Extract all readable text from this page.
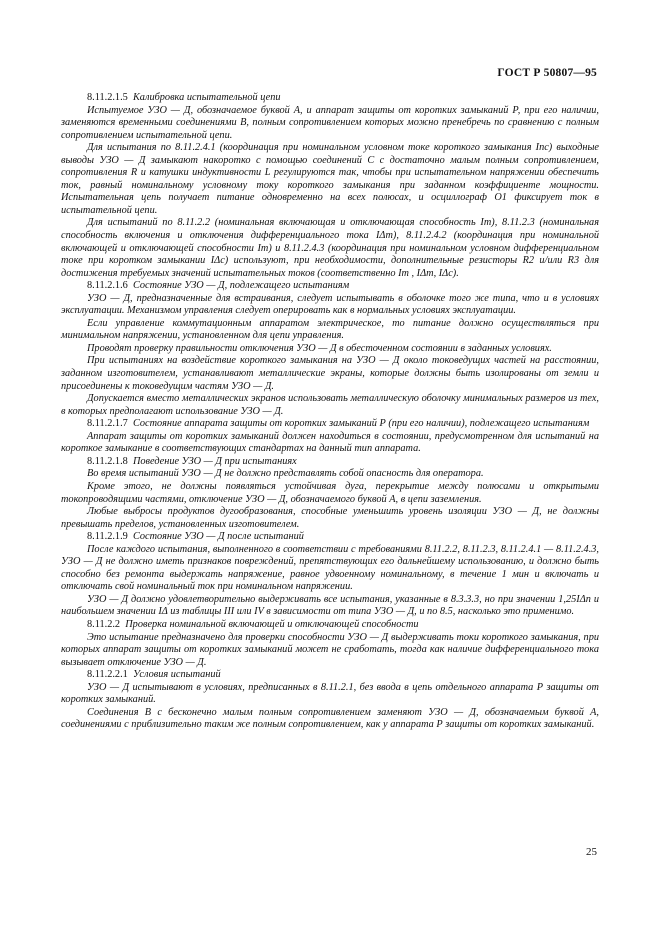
ГОСТ Р 50807—95

8.11.2.1.5 Калибровка испытательной цепи

Испытуемое УЗО — Д, обозначаемое буквой А, и аппарат защиты от коротких замыканий Р, при его наличии, заменяются временными соединениями В, полным сопротивлением которых можно пренебречь по сравнению с полным сопротивлением испытательной цепи.

Для испытания по 8.11.2.4.1 (координация при номинальном условном токе короткого замыкания Inc) выходные выводы УЗО — Д замыкают накоротко с помощью соединений С с достаточно малым полным сопротивлением, сопротивления R и катушки индуктивности L регулируются так, чтобы при испытательном напряжении обеспечить ток, равный номинальному условному току короткого замыкания при заданном коэффициенте мощности. Испытательная цепь получает питание одновременно на всех полюсах, и осциллограф O1 фиксирует ток в испытательной цепи.

Для испытаний по 8.11.2.2 (номинальная включающая и отключающая способность Im), 8.11.2.3 (номинальная способность включения и отключения дифференциального тока IΔm), 8.11.2.4.2 (координация при номинальной включающей и отключающей способности Im) и 8.11.2.4.3 (координация при номинальном условном дифференциальном токе при коротком замыкании IΔc) используют, при необходимости, дополнительные резисторы R2 и/или R3 для достижения требуемых значений испытательных токов (соответственно Im , IΔm, IΔc).

8.11.2.1.6 Состояние УЗО — Д, подлежащего испытаниям

УЗО — Д, предназначенные для встраивания, следует испытывать в оболочке того же типа, что и в условиях эксплуатации. Механизмом управления следует оперировать как в нормальных условиях эксплуатации.

Если управление коммутационным аппаратом электрическое, то питание должно осуществляться при минимальном напряжении, установленном для цепи управления.

Проводят проверку правильности отключения УЗО — Д в обесточенном состоянии в заданных условиях.

При испытаниях на воздействие короткого замыкания на УЗО — Д около токоведущих частей на расстоянии, заданном изготовителем, устанавливают металлические экраны, которые должны быть изолированы от земли и присоединены к токоведущим частям УЗО — Д.

Допускается вместо металлических экранов использовать металлическую оболочку минимальных размеров из тех, в которых предполагают использование УЗО — Д.

8.11.2.1.7 Состояние аппарата защиты от коротких замыканий Р (при его наличии), подлежащего испытаниям

Аппарат защиты от коротких замыканий должен находиться в состоянии, предусмотренном для испытаний на короткое замыкание в соответствующих стандартах на данный тип аппарата.

8.11.2.1.8 Поведение УЗО — Д при испытаниях

Во время испытаний УЗО — Д не должно представлять собой опасность для оператора.

Кроме этого, не должны появляться устойчивая дуга, перекрытие между полюсами и открытыми токопроводящими частями, отключение УЗО — Д, обозначаемого буквой А, в цепи заземления.

Любые выбросы продуктов дугообразования, способные уменьшить уровень изоляции УЗО — Д, не должны превышать пределов, установленных изготовителем.

8.11.2.1.9 Состояние УЗО — Д после испытаний

После каждого испытания, выполненного в соответствии с требованиями 8.11.2.2, 8.11.2.3, 8.11.2.4.1 — 8.11.2.4.3, УЗО — Д не должно иметь признаков повреждений, препятствующих его дальнейшему использованию, и должно быть способно без ремонта выдержать напряжение, равное удвоенному номинальному, в течение 1 мин и включать и отключать свой номинальный ток при номинальном напряжении.

УЗО — Д должно удовлетворительно выдерживать все испытания, указанные в 8.3.3.3, но при значении 1,25IΔn и наибольшем значении IΔ из таблицы III или IV в зависимости от типа УЗО — Д, и по 8.5, насколько это применимо.

8.11.2.2 Проверка номинальной включающей и отключающей способности

Это испытание предназначено для проверки способности УЗО — Д выдерживать токи короткого замыкания, при которых аппарат защиты от коротких замыканий может не сработать, тогда как наличие дифференциального тока вызывает отключение УЗО — Д.

8.11.2.2.1 Условия испытаний

УЗО — Д испытывают в условиях, предписанных в 8.11.2.1, без ввода в цепь отдельного аппарата Р защиты от коротких замыканий.

Соединения В с бесконечно малым полным сопротивлением заменяют УЗО — Д, обозначаемым буквой А, соединениями с приблизительно таким же полным сопротивлением, как у аппарата Р защиты от коротких замыканий.

25
